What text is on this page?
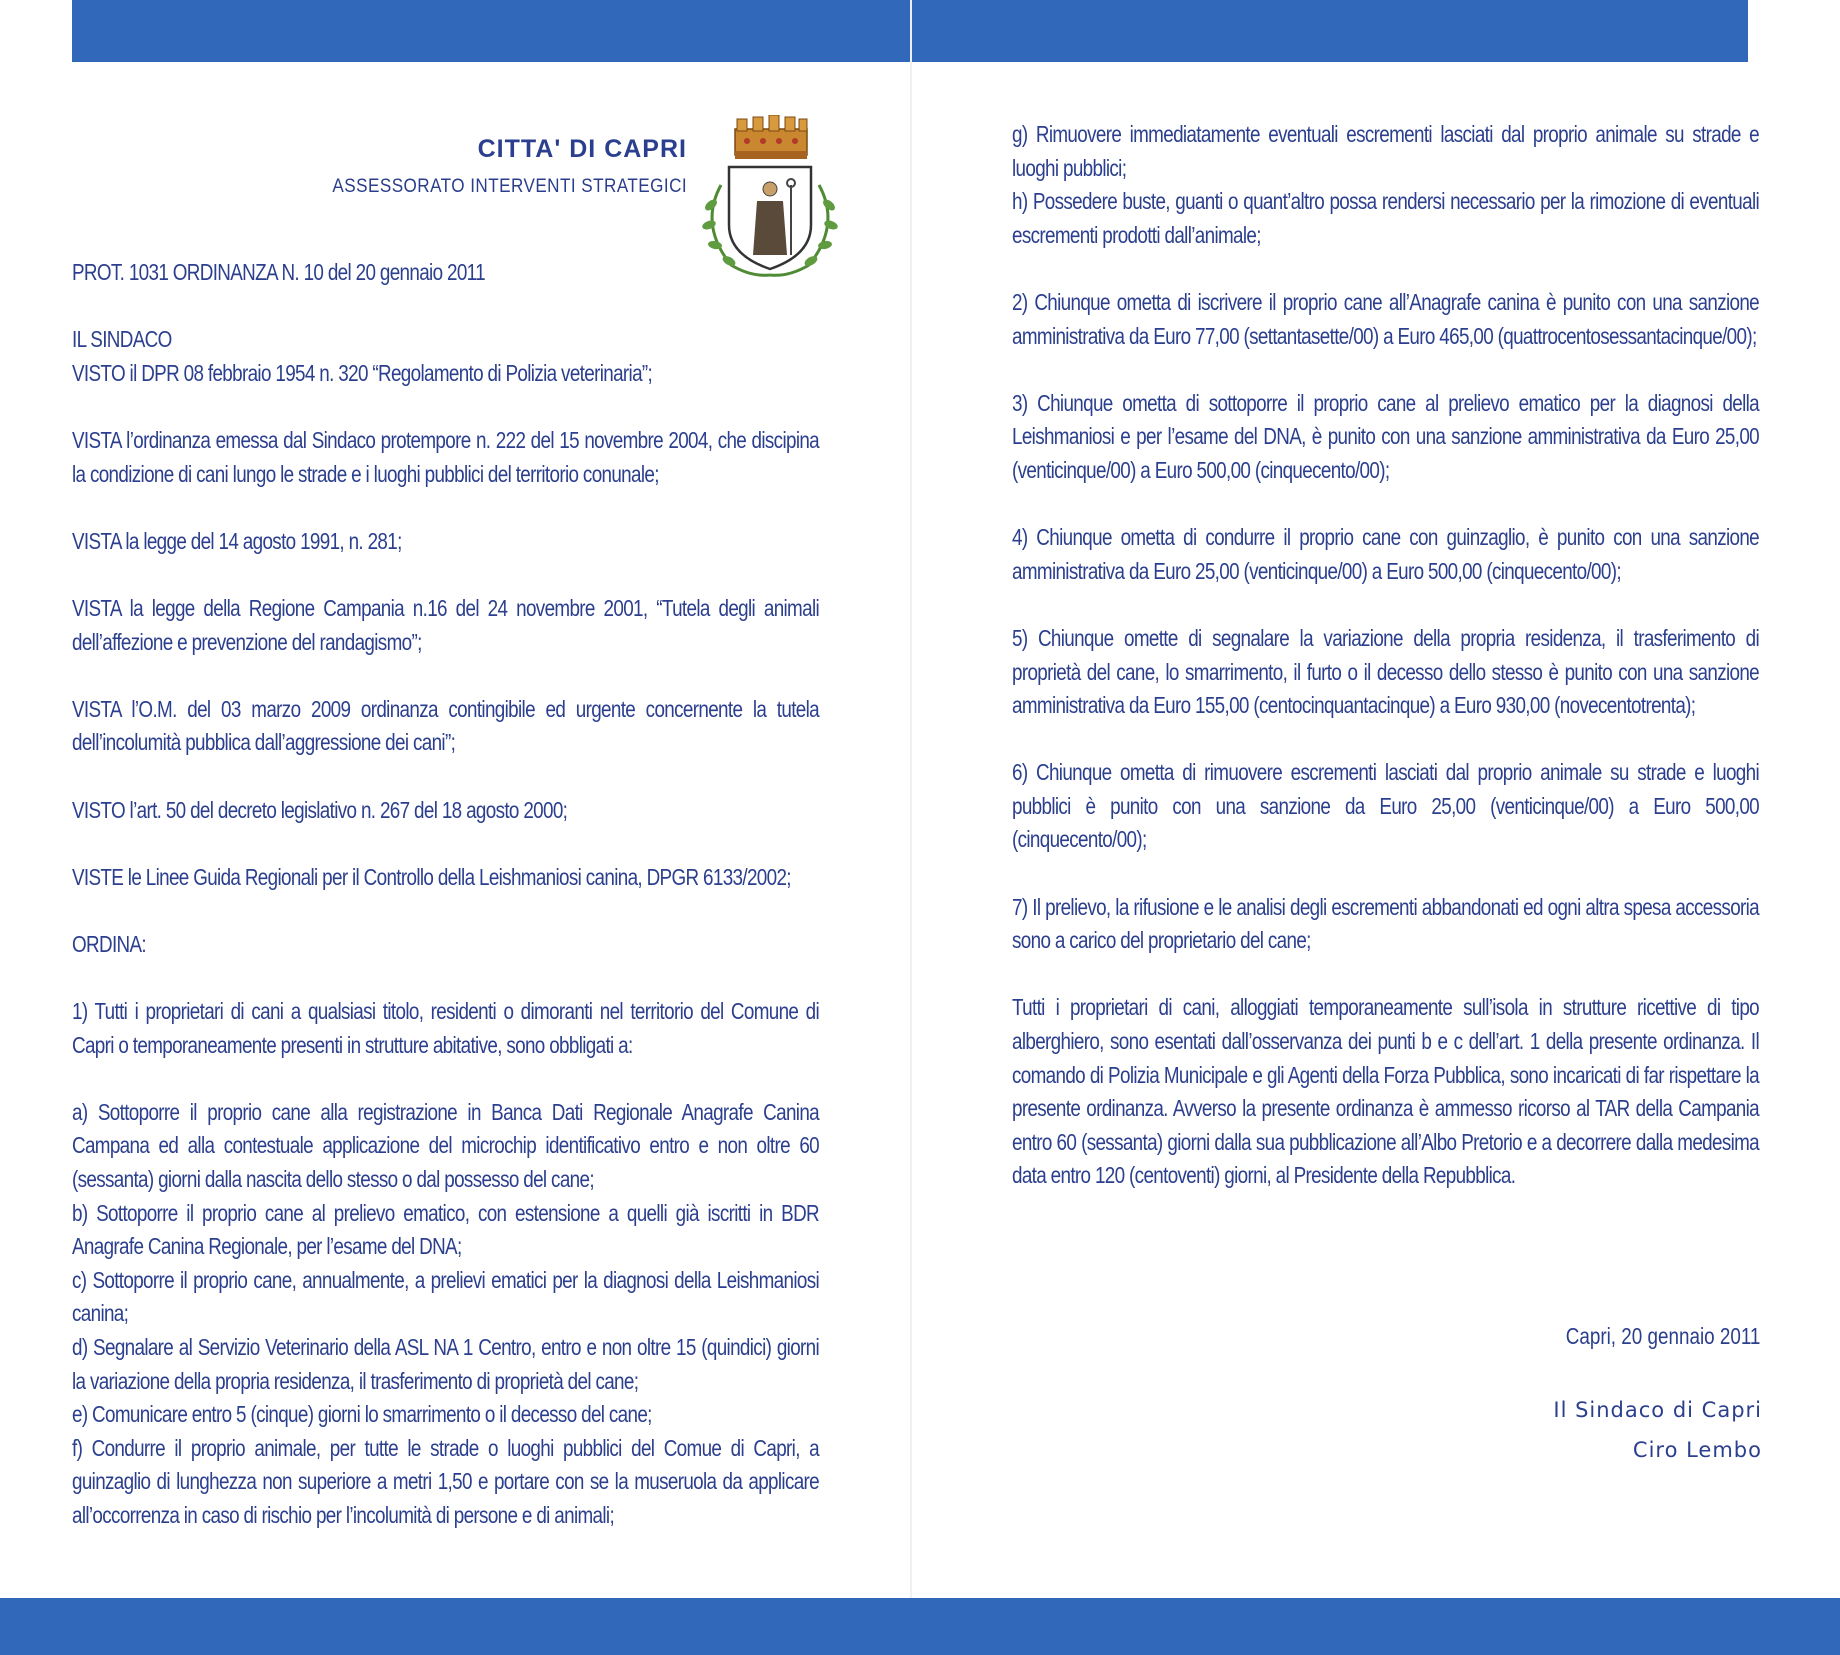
CITTA' DI CAPRI
ASSESSORATO INTERVENTI STRATEGICI

PROT. 1031 ORDINANZA N. 10 del 20 gennaio 2011

IL SINDACO

VISTO il DPR 08 febbraio 1954 n. 320 “Regolamento di Polizia veterinaria”;

VISTA l’ordinanza emessa dal Sindaco protempore n. 222 del 15 novembre 2004, che discipina la condizione di cani lungo le strade e i luoghi pubblici del territorio conunale;

VISTA la legge del 14 agosto 1991, n. 281;

VISTA la legge della Regione Campania n.16 del 24 novembre 2001, “Tutela degli animali dell’affezione e prevenzione del randagismo”;

VISTA l’O.M. del 03 marzo 2009 ordinanza contingibile ed urgente concernente la tutela dell’incolumità pubblica dall’aggressione dei cani”;

VISTO l’art. 50 del decreto legislativo n. 267 del 18 agosto 2000;

VISTE le Linee Guida Regionali per il Controllo della Leishmaniosi canina, DPGR 6133/2002;

ORDINA:

1) Tutti i proprietari di cani a qualsiasi titolo, residenti o dimoranti nel territorio del Comune di Capri o temporaneamente presenti in strutture abitative, sono obbligati a:

a) Sottoporre il proprio cane alla registrazione in Banca Dati Regionale Anagrafe Canina Campana ed alla contestuale applicazione del microchip identificativo entro e non oltre 60 (sessanta) giorni dalla nascita dello stesso o dal possesso del cane;

b) Sottoporre il proprio cane al prelievo ematico, con estensione a quelli già iscritti in BDR Anagrafe Canina Regionale, per l’esame del DNA;

c) Sottoporre il proprio cane, annualmente, a prelievi ematici per la diagnosi della Leishmaniosi canina;

d) Segnalare al Servizio Veterinario della ASL NA 1 Centro, entro e non oltre 15 (quindici) giorni la variazione della propria residenza, il trasferimento di proprietà del cane;

e) Comunicare entro 5 (cinque) giorni lo smarrimento o il decesso del cane;

f) Condurre il proprio animale, per tutte le strade o luoghi pubblici del Comue di Capri, a guinzaglio di lunghezza non superiore a metri 1,50 e portare con se la museruola da applicare all’occorrenza in caso di rischio per l’incolumità di persone e di animali;

g) Rimuovere immediatamente eventuali escrementi lasciati dal proprio animale su strade e luoghi pubblici;

h) Possedere buste, guanti o quant’altro possa rendersi necessario per la rimozione di eventuali escrementi prodotti dall’animale;

2) Chiunque ometta di iscrivere il proprio cane all’Anagrafe canina è punito con una sanzione amministrativa da Euro 77,00 (settantasette/00) a Euro 465,00 (quattrocentosessantacinque/00);

3) Chiunque ometta di sottoporre il proprio cane al prelievo ematico per la diagnosi della Leishmaniosi e per l’esame del DNA, è punito con una sanzione amministrativa da Euro 25,00 (venticinque/00) a Euro 500,00 (cinquecento/00);

4) Chiunque ometta di condurre il proprio cane con guinzaglio, è punito con una sanzione amministrativa da Euro 25,00 (venticinque/00) a Euro 500,00 (cinquecento/00);

5) Chiunque omette di segnalare la variazione della propria residenza, il trasferimento di proprietà del cane, lo smarrimento, il furto o il decesso dello stesso è punito con una sanzione amministrativa da Euro 155,00 (centocinquantacinque) a Euro 930,00 (novecentotrenta);

6) Chiunque ometta di rimuovere escrementi lasciati dal proprio animale su strade e luoghi pubblici è punito con una sanzione da Euro 25,00 (venticinque/00) a Euro 500,00 (cinquecento/00);

7) Il prelievo, la rifusione e le analisi degli escrementi abbandonati ed ogni altra spesa accessoria sono a carico del proprietario del cane;

Tutti i proprietari di cani, alloggiati temporaneamente sull’isola in strutture ricettive di tipo alberghiero, sono esentati dall’osservanza dei punti b e c dell’art. 1 della presente ordinanza. Il comando di Polizia Municipale e gli Agenti della Forza Pubblica, sono incaricati di far rispettare la presente ordinanza. Avverso la presente ordinanza è ammesso ricorso al TAR della Campania entro 60 (sessanta) giorni dalla sua pubblicazione all’Albo Pretorio e a decorrere dalla medesima data entro 120 (centoventi) giorni, al Presidente della Repubblica.

Capri, 20 gennaio 2011
Il Sindaco di Capri
Ciro Lembo
